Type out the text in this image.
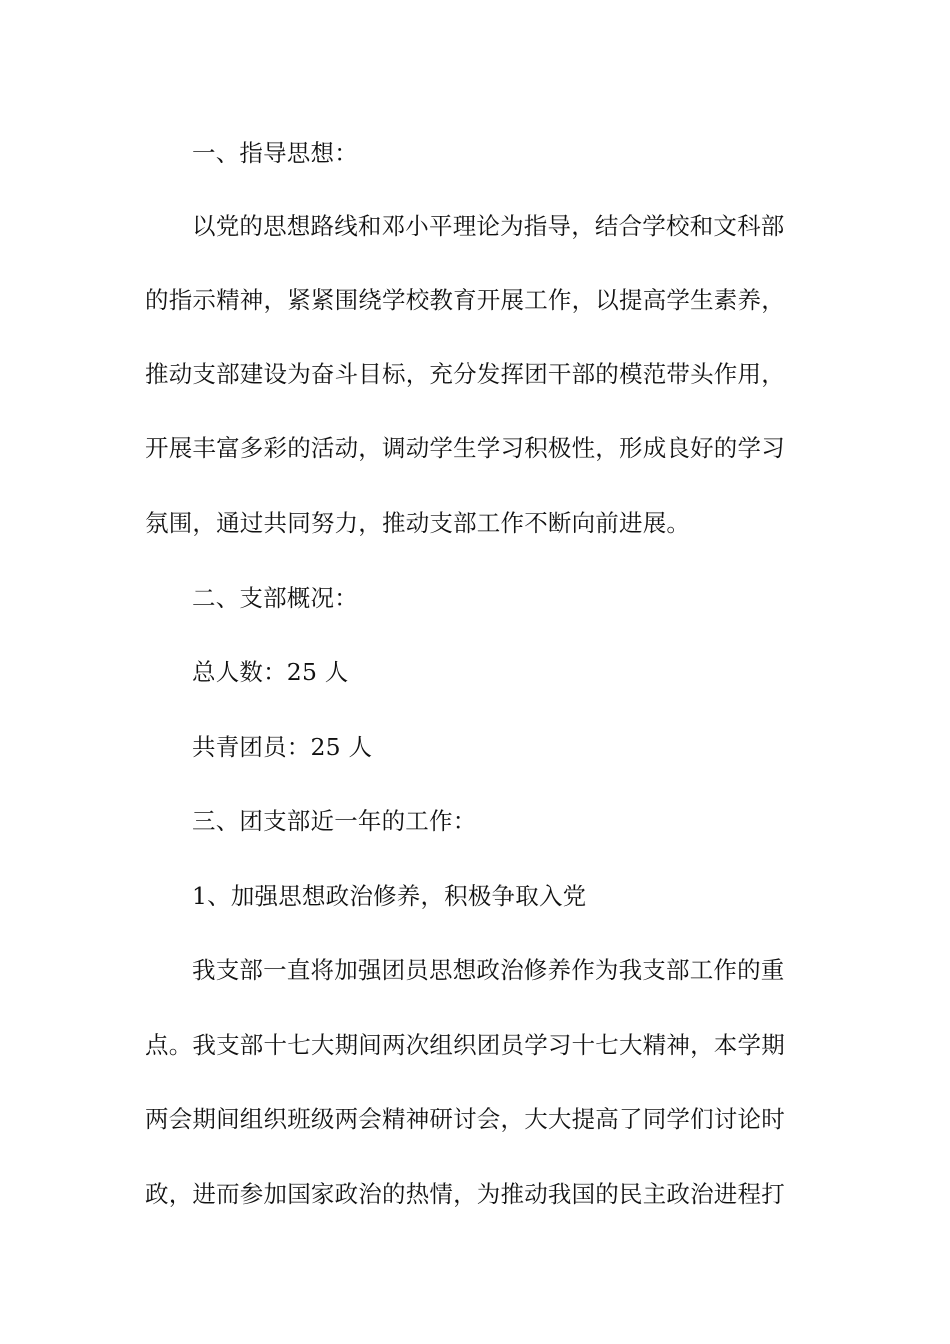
一、指导思想：
以党的思想路线和邓小平理论为指导，结合学校和文科部
的指示精神，紧紧围绕学校教育开展工作，以提高学生素养，
推动支部建设为奋斗目标，充分发挥团干部的模范带头作用，
开展丰富多彩的活动，调动学生学习积极性，形成良好的学习
氛围，通过共同努力，推动支部工作不断向前进展。
二、支部概况：
总人数：25 人
共青团员：25 人
三、团支部近一年的工作：
1、加强思想政治修养，积极争取入党
我支部一直将加强团员思想政治修养作为我支部工作的重
点。我支部十七大期间两次组织团员学习十七大精神，本学期
两会期间组织班级两会精神研讨会，大大提高了同学们讨论时
政，进而参加国家政治的热情，为推动我国的民主政治进程打
